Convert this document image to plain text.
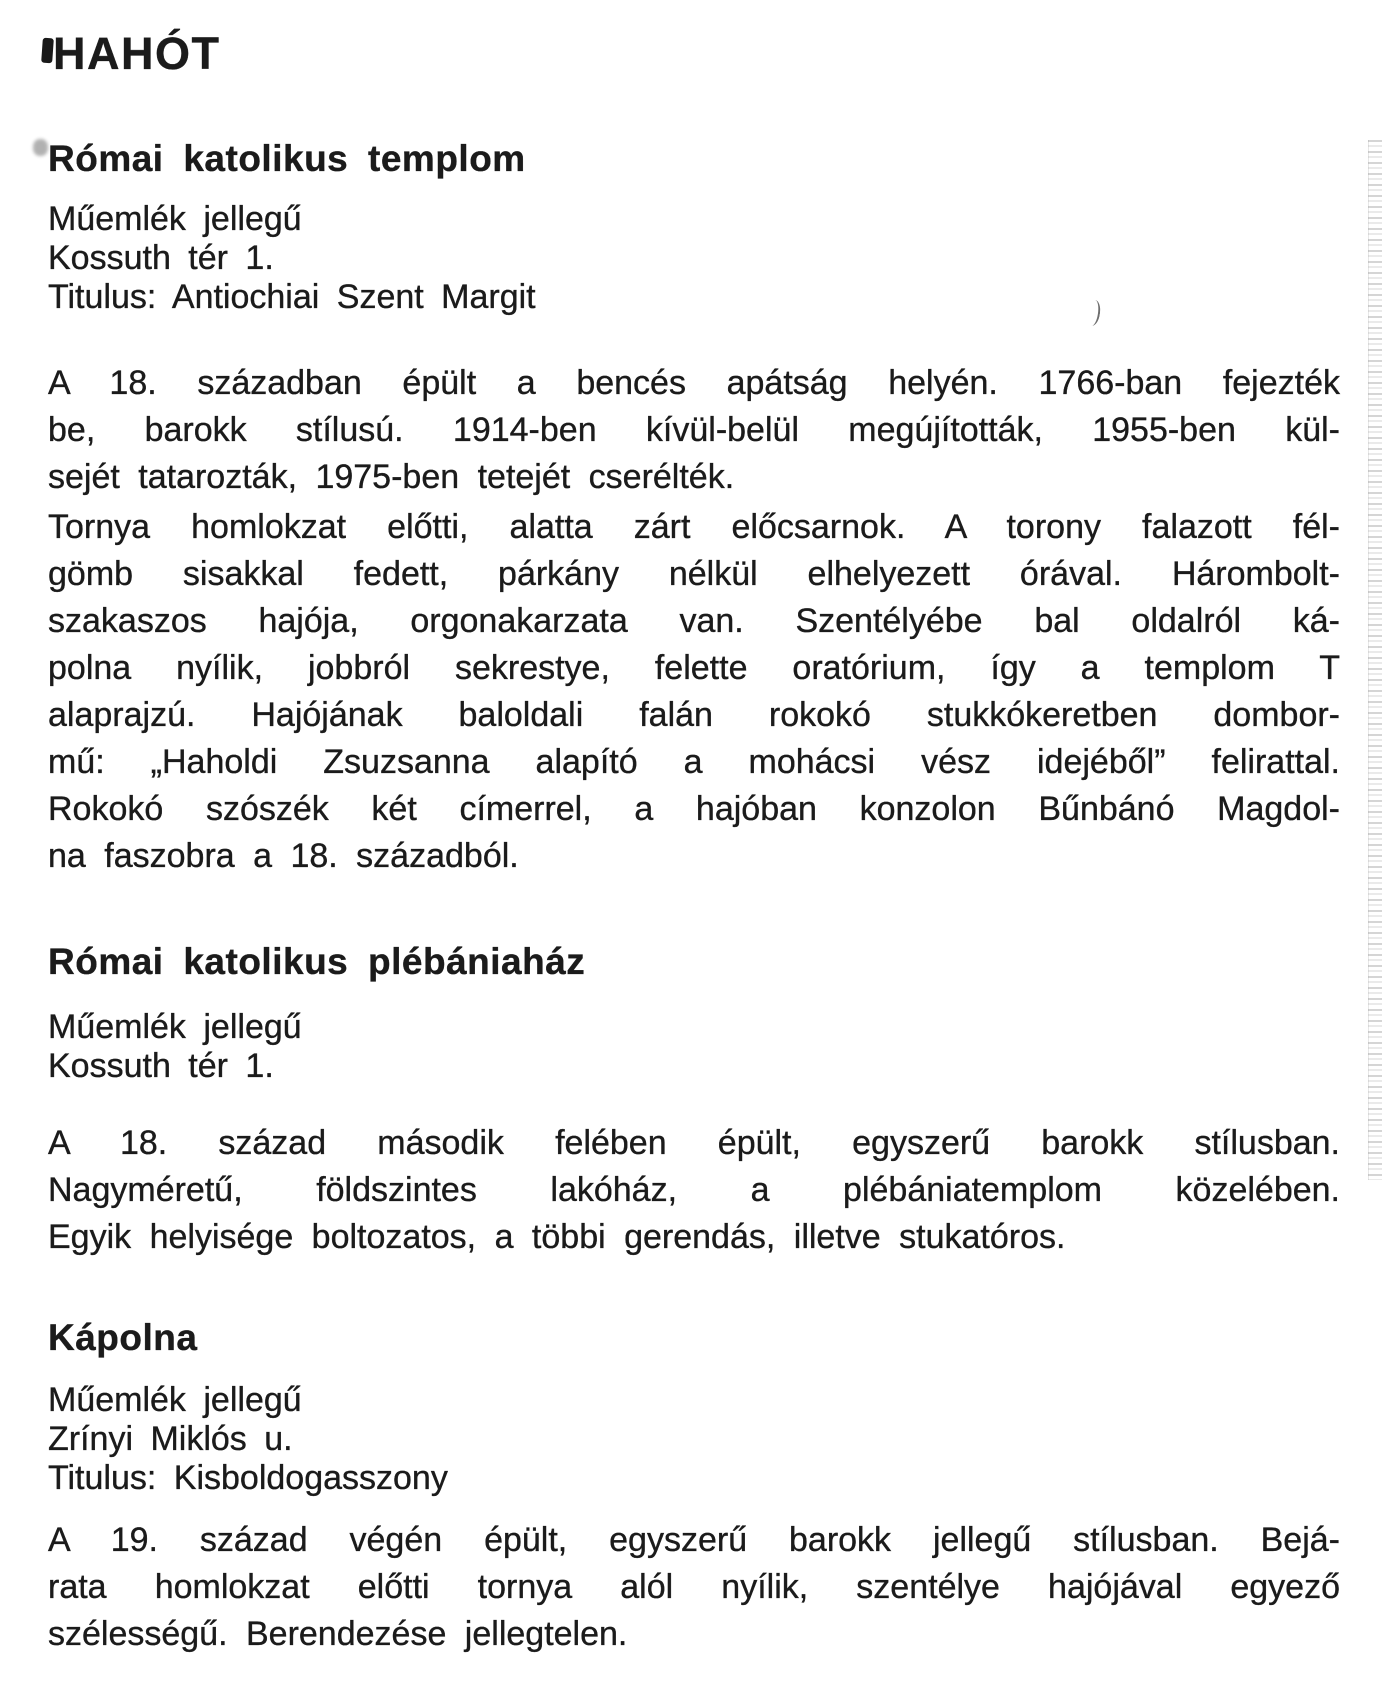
HAHÓT
Római katolikus templom
Műemlék jellegű
Kossuth tér 1.
Titulus: Antiochiai Szent Margit
A 18. században épült a bencés apátság helyén. 1766-ban fejezték
be, barokk stílusú. 1914-ben kívül-belül megújították, 1955-ben kül-
sejét tatarozták, 1975-ben tetejét cserélték.
Tornya homlokzat előtti, alatta zárt előcsarnok. A torony falazott fél-
gömb sisakkal fedett, párkány nélkül elhelyezett órával. Hárombolt-
szakaszos hajója, orgonakarzata van. Szentélyébe bal oldalról ká-
polna nyílik, jobbról sekrestye, felette oratórium, így a templom T
alaprajzú. Hajójának baloldali falán rokokó stukkókeretben dombor-
mű: „Haholdi Zsuzsanna alapító a mohácsi vész idejéből” felirattal.
Rokokó szószék két címerrel, a hajóban konzolon Bűnbánó Magdol-
na faszobra a 18. századból.
Római katolikus plébániaház
Műemlék jellegű
Kossuth tér 1.
A 18. század második felében épült, egyszerű barokk stílusban.
Nagyméretű, földszintes lakóház, a plébániatemplom közelében.
Egyik helyisége boltozatos, a többi gerendás, illetve stukatóros.
Kápolna
Műemlék jellegű
Zrínyi Miklós u.
Titulus: Kisboldogasszony
A 19. század végén épült, egyszerű barokk jellegű stílusban. Bejá-
rata homlokzat előtti tornya alól nyílik, szentélye hajójával egyező
szélességű. Berendezése jellegtelen.
